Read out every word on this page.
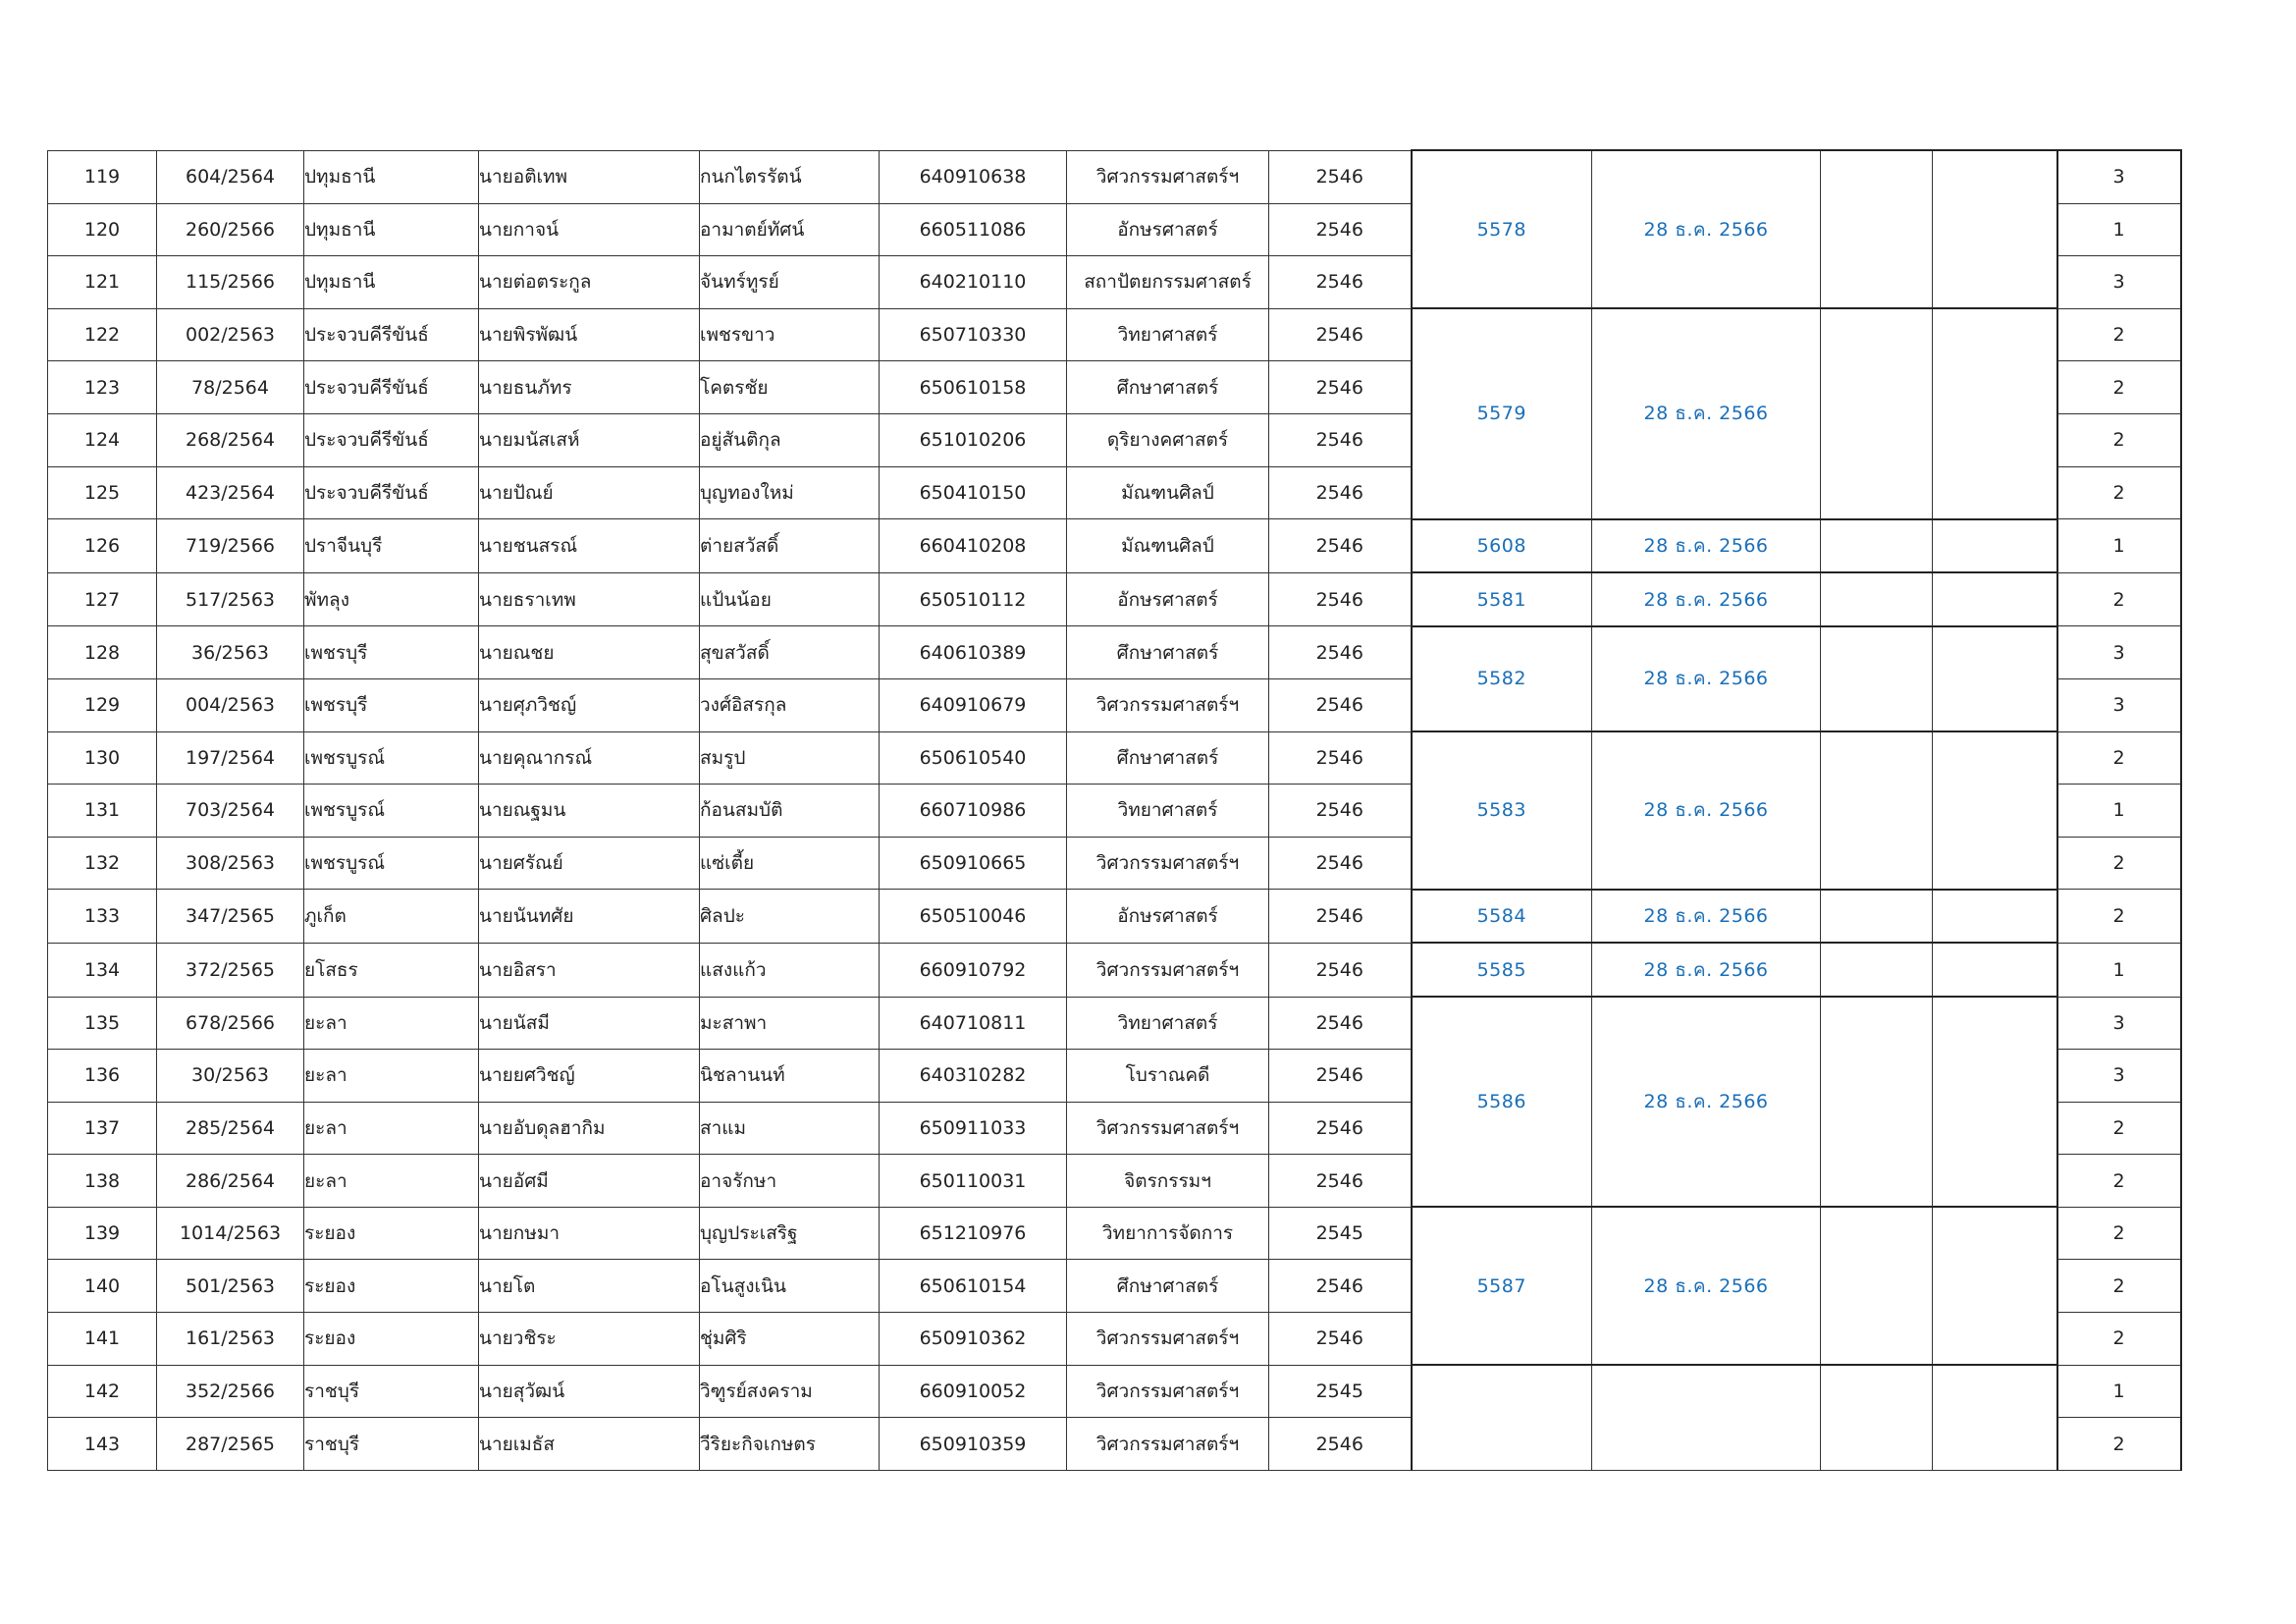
119	604/2564	ปทุมธานี	นายอติเทพ	กนกไตรรัตน์	640910638	วิศวกรรมศาสตร์ฯ	2546	5578	28 ธ.ค. 2566			3
120	260/2566	ปทุมธานี	นายกาจน์	อามาตย์ทัศน์	660511086	อักษรศาสตร์	2546					1
121	115/2566	ปทุมธานี	นายต่อตระกูล	จันทร์ทูรย์	640210110	สถาปัตยกรรมศาสตร์	2546					3
122	002/2563	ประจวบคีรีขันธ์	นายพิรพัฒน์	เพชรขาว	650710330	วิทยาศาสตร์	2546	5579	28 ธ.ค. 2566			2
123	78/2564	ประจวบคีรีขันธ์	นายธนภัทร	โคตรชัย	650610158	ศึกษาศาสตร์	2546					2
124	268/2564	ประจวบคีรีขันธ์	นายมนัสเสห์	อยู่สันติกุล	651010206	ดุริยางคศาสตร์	2546					2
125	423/2564	ประจวบคีรีขันธ์	นายปัณย์	บุญทองใหม่	650410150	มัณฑนศิลป์	2546					2
126	719/2566	ปราจีนบุรี	นายชนสรณ์	ต่ายสวัสดิ์	660410208	มัณฑนศิลป์	2546	5608	28 ธ.ค. 2566			1
127	517/2563	พัทลุง	นายธราเทพ	แป้นน้อย	650510112	อักษรศาสตร์	2546	5581	28 ธ.ค. 2566			2
128	36/2563	เพชรบุรี	นายณชย	สุขสวัสดิ์	640610389	ศึกษาศาสตร์	2546	5582	28 ธ.ค. 2566			3
129	004/2563	เพชรบุรี	นายศุภวิชญ์	วงศ์อิสรกุล	640910679	วิศวกรรมศาสตร์ฯ	2546					3
130	197/2564	เพชรบูรณ์	นายคุณากรณ์	สมรูป	650610540	ศึกษาศาสตร์	2546	5583	28 ธ.ค. 2566			2
131	703/2564	เพชรบูรณ์	นายณฐมน	ก้อนสมบัติ	660710986	วิทยาศาสตร์	2546					1
132	308/2563	เพชรบูรณ์	นายศรัณย์	แซ่เตี้ย	650910665	วิศวกรรมศาสตร์ฯ	2546					2
133	347/2565	ภูเก็ต	นายนันทศัย	ศิลปะ	650510046	อักษรศาสตร์	2546	5584	28 ธ.ค. 2566			2
134	372/2565	ยโสธร	นายอิสรา	แสงแก้ว	660910792	วิศวกรรมศาสตร์ฯ	2546	5585	28 ธ.ค. 2566			1
135	678/2566	ยะลา	นายนัสมี	มะสาพา	640710811	วิทยาศาสตร์	2546	5586	28 ธ.ค. 2566			3
136	30/2563	ยะลา	นายยศวิชญ์	นิชลานนท์	640310282	โบราณคดี	2546					3
137	285/2564	ยะลา	นายอับดุลฮากิม	สาแม	650911033	วิศวกรรมศาสตร์ฯ	2546					2
138	286/2564	ยะลา	นายอัศมี	อาจรักษา	650110031	จิตรกรรมฯ	2546					2
139	1014/2563	ระยอง	นายกษมา	บุญประเสริฐ	651210976	วิทยาการจัดการ	2545	5587	28 ธ.ค. 2566			2
140	501/2563	ระยอง	นายโต	อโนสูงเนิน	650610154	ศึกษาศาสตร์	2546					2
141	161/2563	ระยอง	นายวชิระ	ชุ่มศิริ	650910362	วิศวกรรมศาสตร์ฯ	2546					2
142	352/2566	ราชบุรี	นายสุวัฒน์	วิฑูรย์สงคราม	660910052	วิศวกรรมศาสตร์ฯ	2545					1
143	287/2565	ราชบุรี	นายเมธัส	วีริยะกิจเกษตร	650910359	วิศวกรรมศาสตร์ฯ	2546					2
